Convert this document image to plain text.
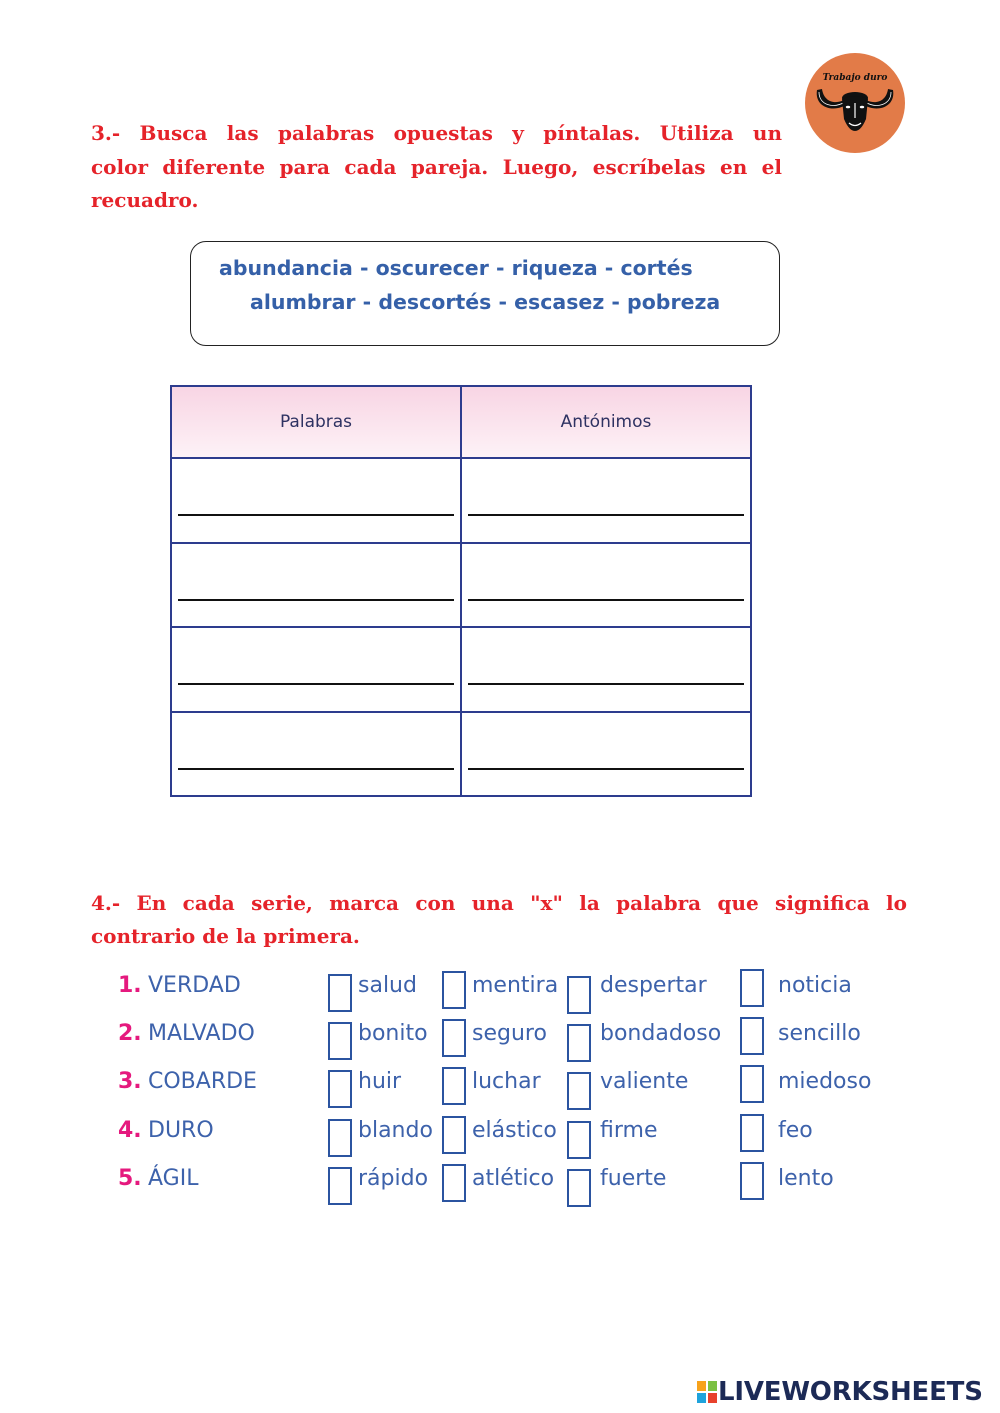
Trabajo duro
3.- Busca las palabras opuestas y píntalas. Utiliza un
color diferente para cada pareja. Luego, escríbelas en el
recuadro.
abundancia - oscurecer - riqueza - cortés
alumbrar - descortés - escasez - pobreza
Palabras	Antónimos

4.- En cada serie, marca con una "x" la palabra que significa lo
contrario de la primera.
1. VERDAD	salud	mentira despertar	noticia
2. MALVADO	bonito seguro bondadoso	sencillo
3. COBARDE	huir	luchar	valiente	miedoso
4. DURO	blando elástico firme	feo
5. ÁGIL	rápido atlético fuerte	lento
LIVEWORKSHEETS
